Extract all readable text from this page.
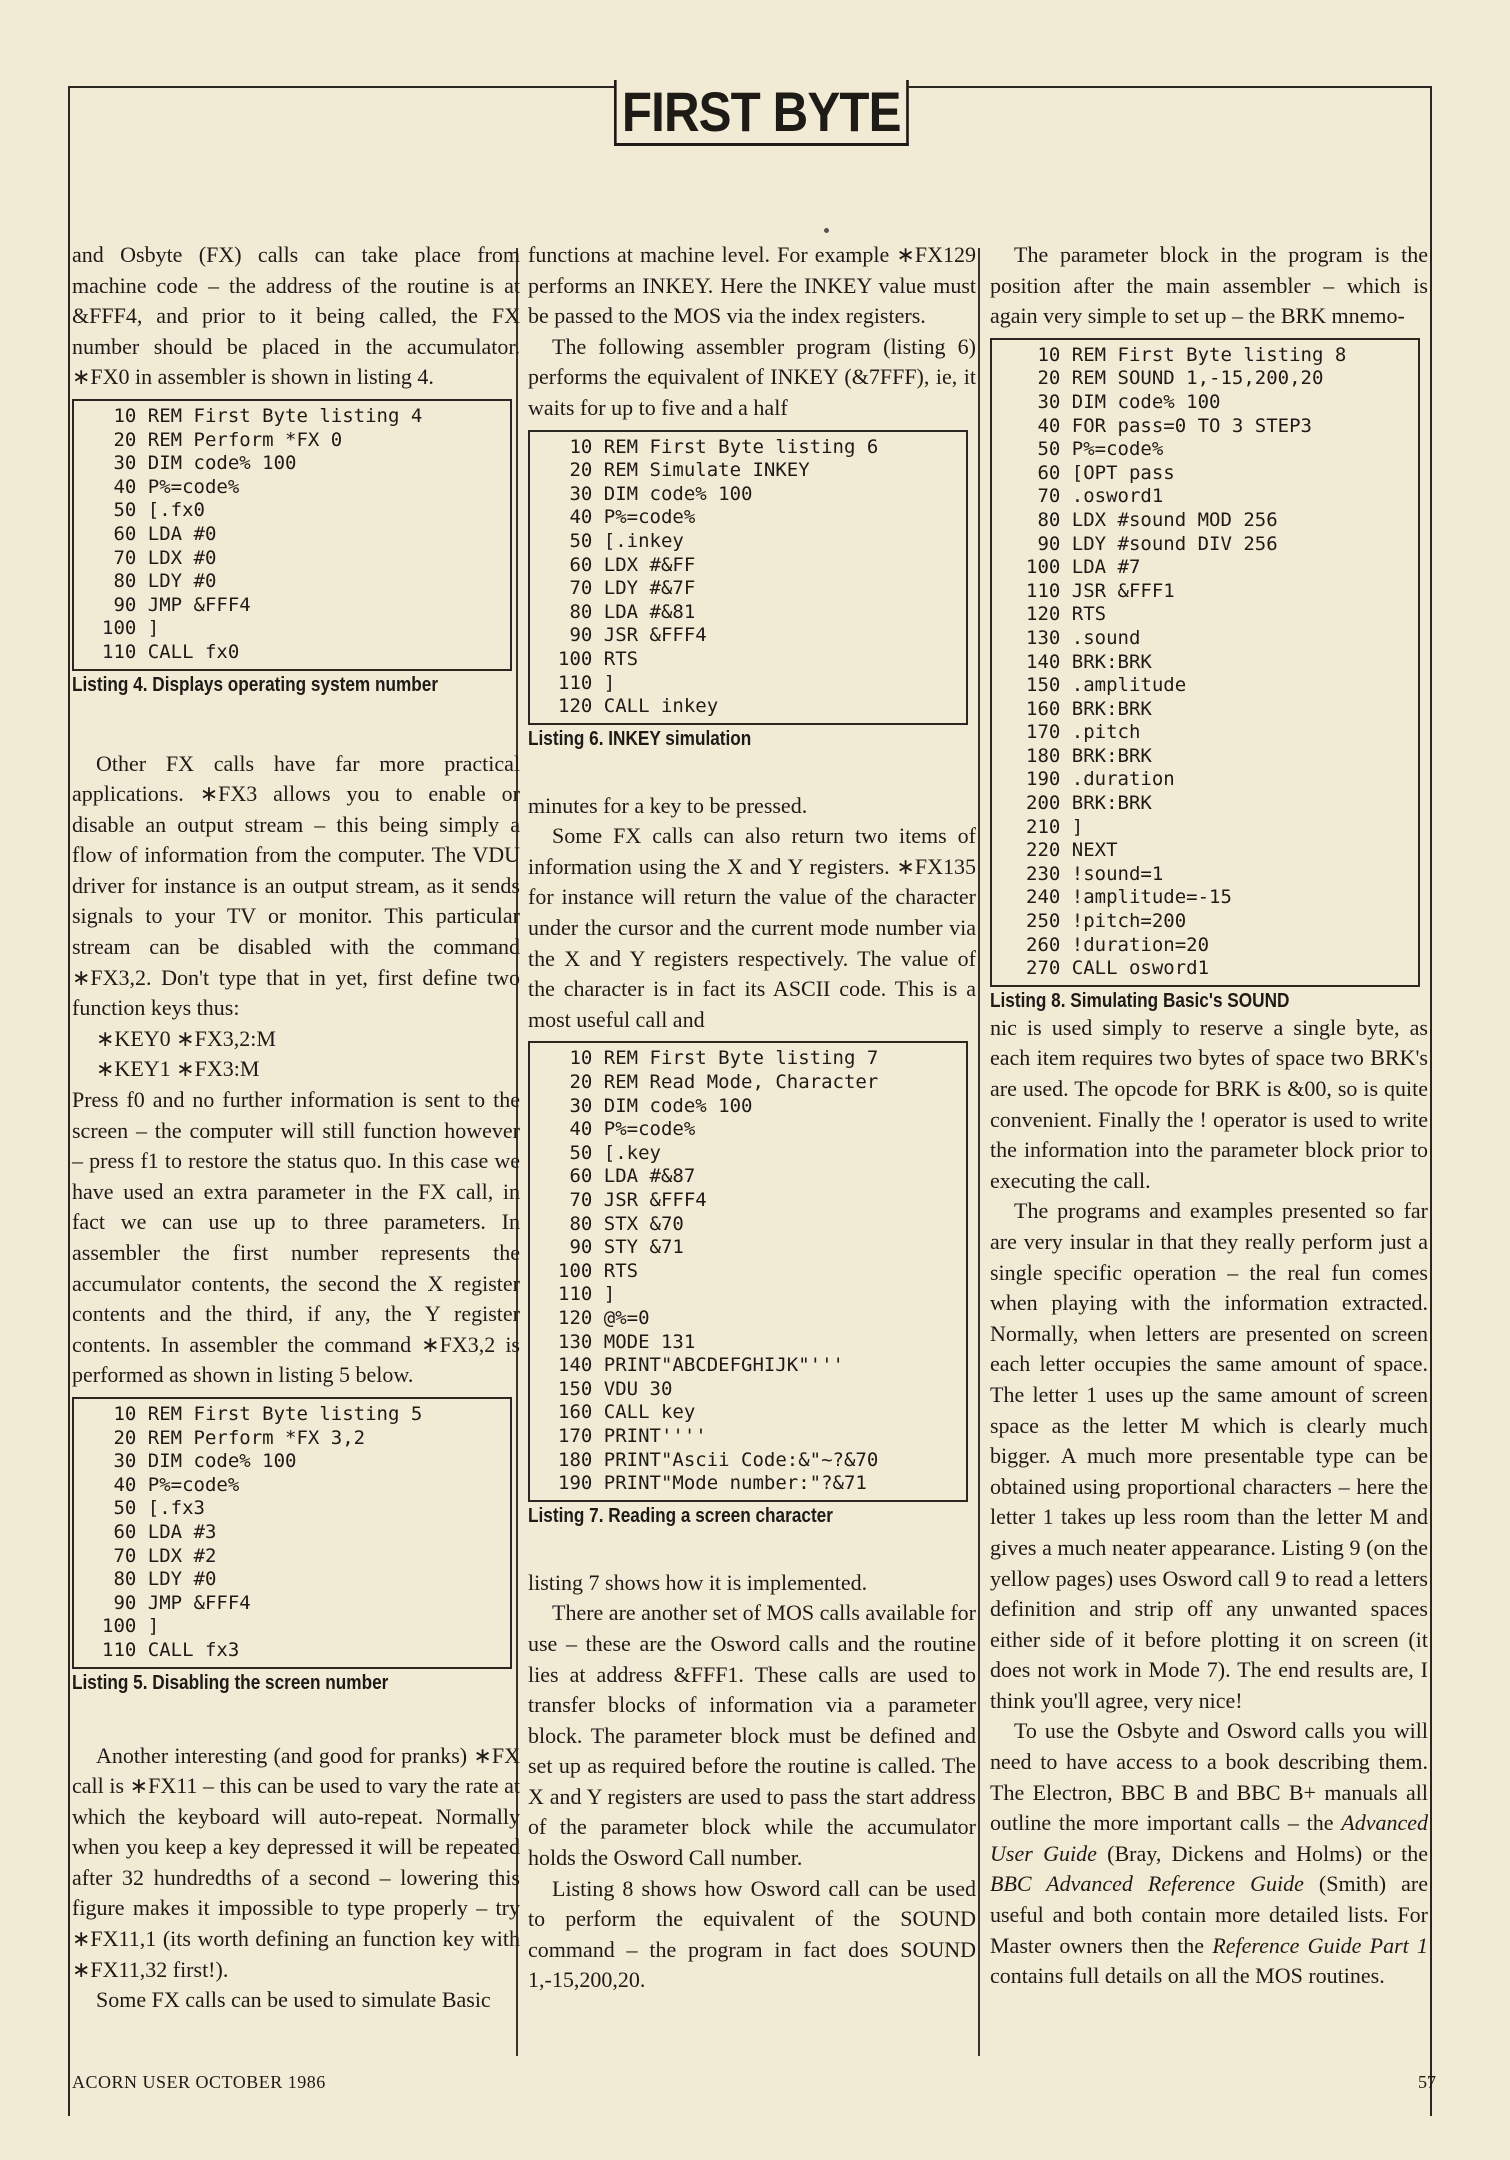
FIRST BYTE

and Osbyte (FX) calls can take place from machine code – the address of the routine is at &FFF4, and prior to it being called, the FX number should be placed in the accumulator. ∗FX0 in assembler is shown in listing 4.

10 REM First Byte listing 4
20 REM Perform *FX 0
30 DIM code% 100
40 P%=code%
50 [.fx0
60 LDA #0
70 LDX #0
80 LDY #0
90 JMP &FFF4
100 ]
110 CALL fx0
Listing 4. Displays operating system number

Other FX calls have far more practical applications. ∗FX3 allows you to enable or disable an output stream – this being simply a flow of information from the computer. The VDU driver for instance is an output stream, as it sends signals to your TV or monitor. This particular stream can be disabled with the command ∗FX3,2. Don't type that in yet, first define two function keys thus:

∗KEY0 ∗FX3,2:M

∗KEY1 ∗FX3:M

Press f0 and no further information is sent to the screen – the computer will still function however – press f1 to restore the status quo. In this case we have used an extra parameter in the FX call, in fact we can use up to three parameters. In assembler the first number represents the accumulator contents, the second the X register contents and the third, if any, the Y register contents. In assembler the command ∗FX3,2 is performed as shown in listing 5 below.

10 REM First Byte listing 5
20 REM Perform *FX 3,2
30 DIM code% 100
40 P%=code%
50 [.fx3
60 LDA #3
70 LDX #2
80 LDY #0
90 JMP &FFF4
100 ]
110 CALL fx3
Listing 5. Disabling the screen number

Another interesting (and good for pranks) ∗FX call is ∗FX11 – this can be used to vary the rate at which the keyboard will auto-repeat. Normally when you keep a key depressed it will be repeated after 32 hundredths of a second – lowering this figure makes it impossible to type properly – try ∗FX11,1 (its worth defining an function key with ∗FX11,32 first!).

Some FX calls can be used to simulate Basic

functions at machine level. For example ∗FX129 performs an INKEY. Here the INKEY value must be passed to the MOS via the index registers.

The following assembler program (listing 6) performs the equivalent of INKEY (&7FFF), ie, it waits for up to five and a half

10 REM First Byte listing 6
20 REM Simulate INKEY
30 DIM code% 100
40 P%=code%
50 [.inkey
60 LDX #&FF
70 LDY #&7F
80 LDA #&81
90 JSR &FFF4
100 RTS
110 ]
120 CALL inkey
Listing 6. INKEY simulation

minutes for a key to be pressed.

Some FX calls can also return two items of information using the X and Y registers. ∗FX135 for instance will return the value of the character under the cursor and the current mode number via the X and Y registers respectively. The value of the character is in fact its ASCII code. This is a most useful call and

10 REM First Byte listing 7
20 REM Read Mode, Character
30 DIM code% 100
40 P%=code%
50 [.key
60 LDA #&87
70 JSR &FFF4
80 STX &70
90 STY &71
100 RTS
110 ]
120 @%=0
130 MODE 131
140 PRINT"ABCDEFGHIJK"'''
150 VDU 30
160 CALL key
170 PRINT''''
180 PRINT"Ascii Code:&"~?&70
190 PRINT"Mode number:"?&71
Listing 7. Reading a screen character

listing 7 shows how it is implemented.

There are another set of MOS calls available for use – these are the Osword calls and the routine lies at address &FFF1. These calls are used to transfer blocks of information via a parameter block. The parameter block must be defined and set up as required before the routine is called. The X and Y registers are used to pass the start address of the parameter block while the accumulator holds the Osword Call number.

Listing 8 shows how Osword call can be used to perform the equivalent of the SOUND command – the program in fact does SOUND 1,-15,200,20.

The parameter block in the program is the position after the main assembler – which is again very simple to set up – the BRK mnemo-

10 REM First Byte listing 8
20 REM SOUND 1,-15,200,20
30 DIM code% 100
40 FOR pass=0 TO 3 STEP3
50 P%=code%
60 [OPT pass
70 .osword1
80 LDX #sound MOD 256
90 LDY #sound DIV 256
100 LDA #7
110 JSR &FFF1
120 RTS
130 .sound
140 BRK:BRK
150 .amplitude
160 BRK:BRK
170 .pitch
180 BRK:BRK
190 .duration
200 BRK:BRK
210 ]
220 NEXT
230 !sound=1
240 !amplitude=-15
250 !pitch=200
260 !duration=20
270 CALL osword1
Listing 8. Simulating Basic's SOUND

nic is used simply to reserve a single byte, as each item requires two bytes of space two BRK's are used. The opcode for BRK is &00, so is quite convenient. Finally the ! operator is used to write the information into the parameter block prior to executing the call.

The programs and examples presented so far are very insular in that they really perform just a single specific operation – the real fun comes when playing with the information extracted. Normally, when letters are presented on screen each letter occupies the same amount of space. The letter 1 uses up the same amount of screen space as the letter M which is clearly much bigger. A much more presentable type can be obtained using proportional characters – here the letter 1 takes up less room than the letter M and gives a much neater appearance. Listing 9 (on the yellow pages) uses Osword call 9 to read a letters definition and strip off any unwanted spaces either side of it before plotting it on screen (it does not work in Mode 7). The end results are, I think you'll agree, very nice!

To use the Osbyte and Osword calls you will need to have access to a book describing them. The Electron, BBC B and BBC B+ manuals all outline the more important calls – the Advanced User Guide (Bray, Dickens and Holms) or the BBC Advanced Reference Guide (Smith) are useful and both contain more detailed lists. For Master owners then the Reference Guide Part 1 contains full details on all the MOS routines.

ACORN USER OCTOBER 1986	57
